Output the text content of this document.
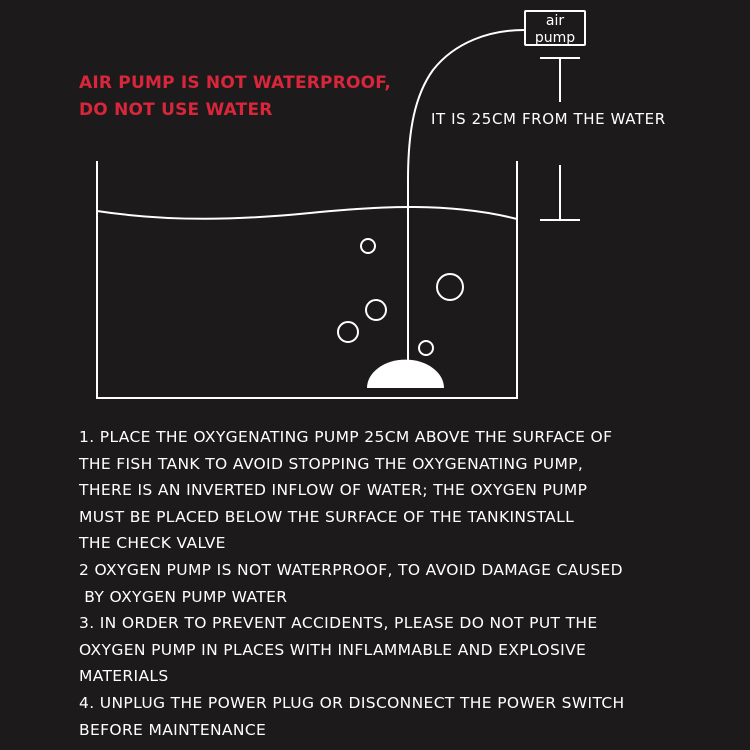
air
pump
AIR PUMP IS NOT WATERPROOF,
DO NOT USE WATER	IT IS 25CM FROM THE WATER

1. PLACE THE OXYGENATING PUMP 25CM ABOVE THE SURFACE OF
THE FISH TANK TO AVOID STOPPING THE OXYGENATING PUMP,
THERE IS AN INVERTED INFLOW OF WATER; THE OXYGEN PUMP
MUST BE PLACED BELOW THE SURFACE OF THE TANKINSTALL
THE CHECK VALVE
2 OXYGEN PUMP IS NOT WATERPROOF, TO AVOID DAMAGE CAUSED
BY OXYGEN PUMP WATER
3. IN ORDER TO PREVENT ACCIDENTS, PLEASE DO NOT PUT THE
OXYGEN PUMP IN PLACES WITH INFLAMMABLE AND EXPLOSIVE
MATERIALS
4. UNPLUG THE POWER PLUG OR DISCONNECT THE POWER SWITCH
BEFORE MAINTENANCE
